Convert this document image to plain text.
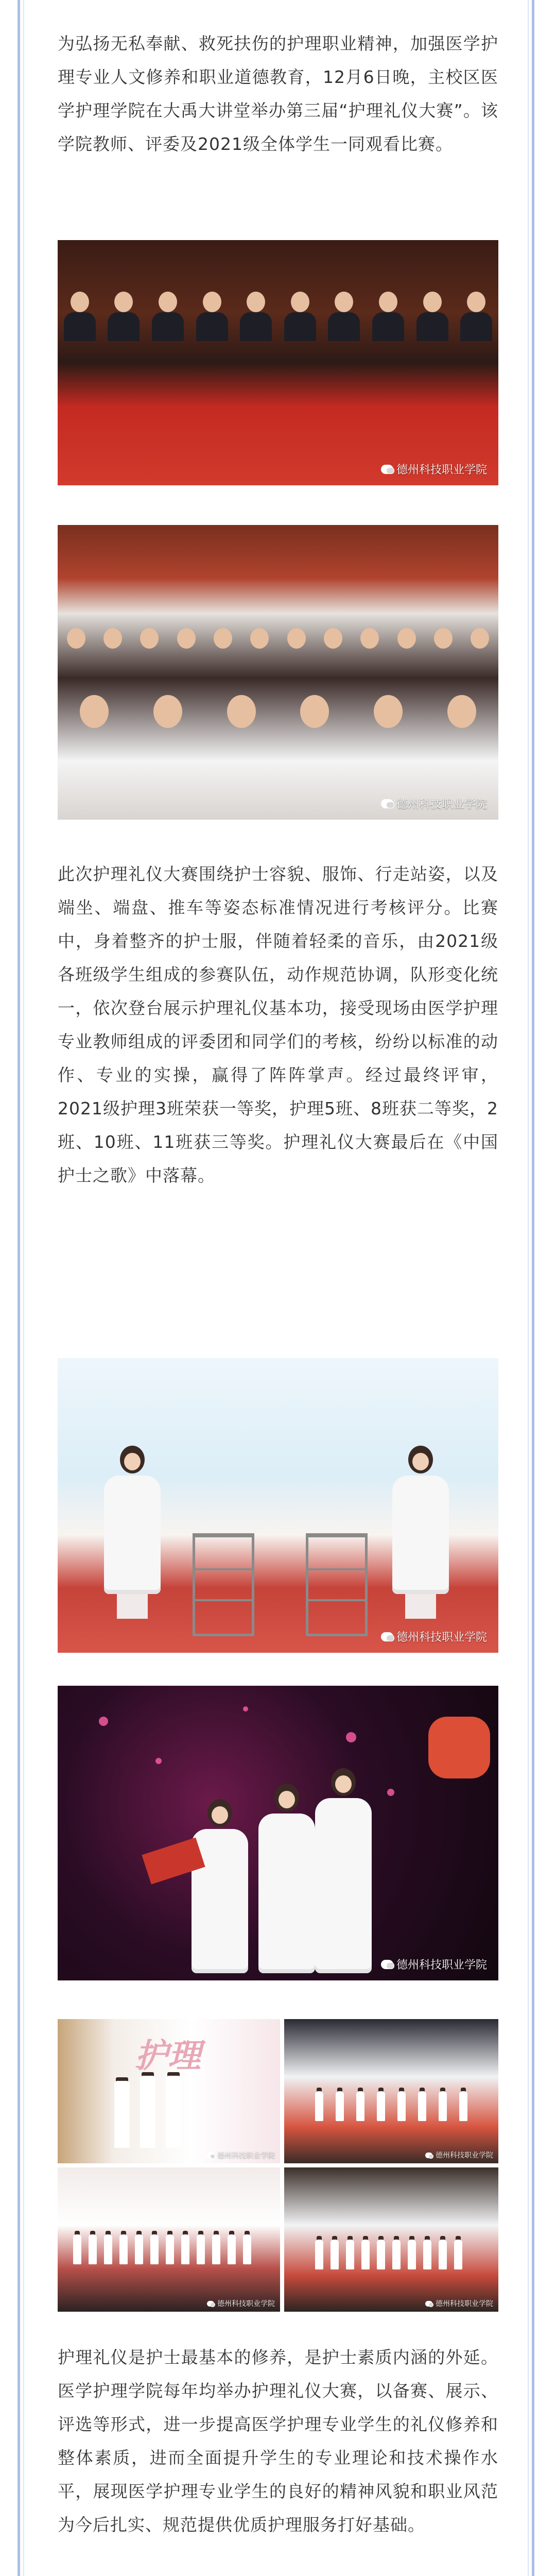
为弘扬无私奉献、救死扶伤的护理职业精神，加强医学护理专业人文修养和职业道德教育，12月6日晚，主校区医学护理学院在大禹大讲堂举办第三届“护理礼仪大赛”。该学院教师、评委及2021级全体学生一同观看比赛。

德州科技职业学院
德州科技职业学院

此次护理礼仪大赛围绕护士容貌、服饰、行走站姿，以及端坐、端盘、推车等姿态标准情况进行考核评分。比赛中，身着整齐的护士服，伴随着轻柔的音乐，由2021级各班级学生组成的参赛队伍，动作规范协调，队形变化统一，依次登台展示护理礼仪基本功，接受现场由医学护理专业教师组成的评委团和同学们的考核，纷纷以标准的动作、专业的实操，赢得了阵阵掌声。经过最终评审，2021级护理3班荣获一等奖，护理5班、8班获二等奖，2班、10班、11班获三等奖。护理礼仪大赛最后在《中国护士之歌》中落幕。

德州科技职业学院
德州科技职业学院
护理
德州科技职业学院	德州科技职业学院
德州科技职业学院	德州科技职业学院

护理礼仪是护士最基本的修养，是护士素质内涵的外延。医学护理学院每年均举办护理礼仪大赛，以备赛、展示、评选等形式，进一步提高医学护理专业学生的礼仪修养和整体素质，进而全面提升学生的专业理论和技术操作水平，展现医学护理专业学生的良好的精神风貌和职业风范为今后扎实、规范提供优质护理服务打好基础。
